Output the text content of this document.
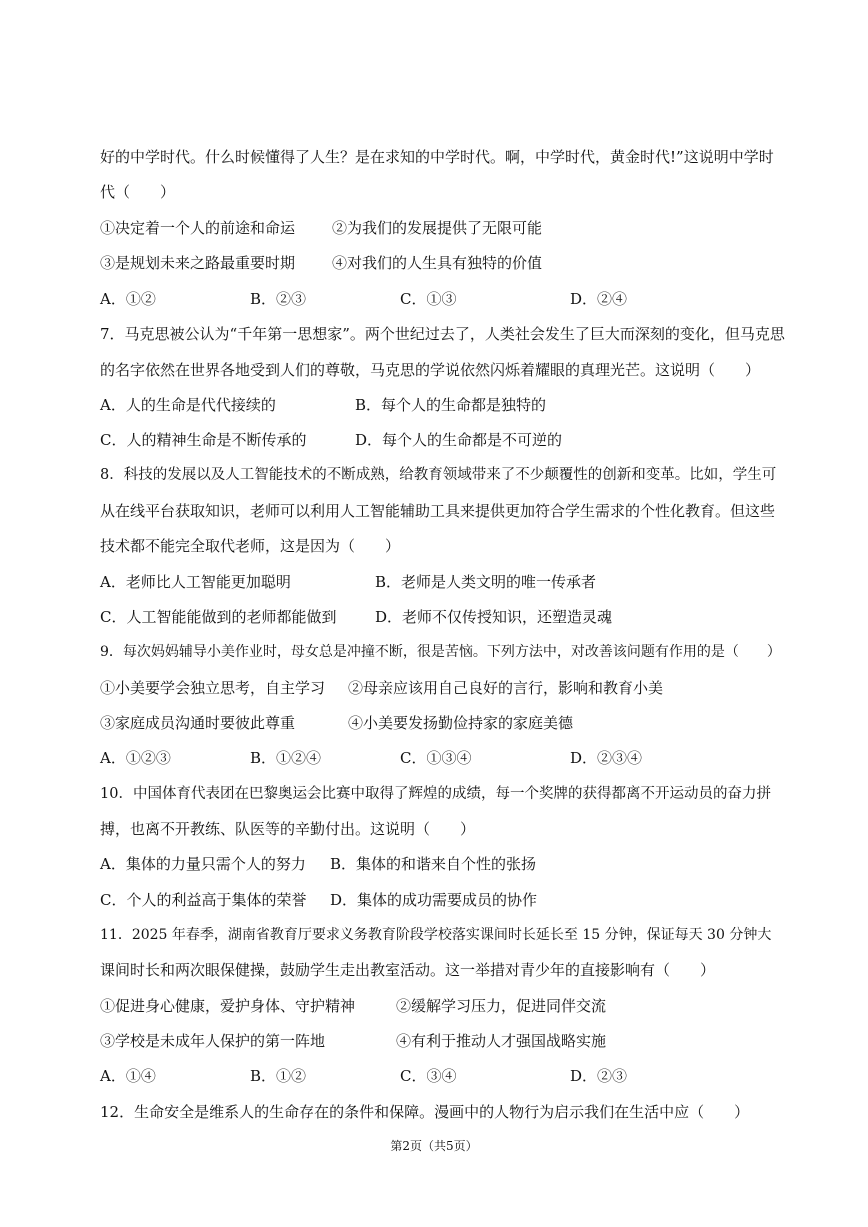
好的中学时代。什么时候懂得了人生？是在求知的中学时代。啊，中学时代，黄金时代!”这说明中学时
代（　　）
①决定着一个人的前途和命运 ②为我们的发展提供了无限可能
③是规划未来之路最重要时期 ④对我们的人生具有独特的价值
A．①②	B．②③	C．①③	D．②④
7．马克思被公认为“千年第一思想家”。两个世纪过去了，人类社会发生了巨大而深刻的变化，但马克思
的名字依然在世界各地受到人们的尊敬，马克思的学说依然闪烁着耀眼的真理光芒。这说明（　　）
A．人的生命是代代接续的	B．每个人的生命都是独特的
C．人的精神生命是不断传承的	D．每个人的生命都是不可逆的
8．科技的发展以及人工智能技术的不断成熟，给教育领域带来了不少颠覆性的创新和变革。比如，学生可
从在线平台获取知识，老师可以利用人工智能辅助工具来提供更加符合学生需求的个性化教育。但这些
技术都不能完全取代老师，这是因为（　　）
A．老师比人工智能更加聪明	B．老师是人类文明的唯一传承者
C．人工智能能做到的老师都能做到	D．老师不仅传授知识，还塑造灵魂
9．每次妈妈辅导小美作业时，母女总是冲撞不断，很是苦恼。下列方法中，对改善该问题有作用的是（　　）
①小美要学会独立思考，自主学习 ②母亲应该用自己良好的言行，影响和教育小美
③家庭成员沟通时要彼此尊重	④小美要发扬勤俭持家的家庭美德
A．①②③	B．①②④	C．①③④	D．②③④
10．中国体育代表团在巴黎奥运会比赛中取得了辉煌的成绩，每一个奖牌的获得都离不开运动员的奋力拼
搏，也离不开教练、队医等的辛勤付出。这说明（　　）
A．集体的力量只需个人的努力 B．集体的和谐来自个性的张扬
C．个人的利益高于集体的荣誉 D．集体的成功需要成员的协作
11．2025 年春季，湖南省教育厅要求义务教育阶段学校落实课间时长延长至 15 分钟，保证每天 30 分钟大
课间时长和两次眼保健操，鼓励学生走出教室活动。这一举措对青少年的直接影响有（　　）
①促进身心健康，爱护身体、守护精神	②缓解学习压力，促进同伴交流
③学校是未成年人保护的第一阵地	④有利于推动人才强国战略实施
A．①④	B．①②	C．③④	D．②③
12．生命安全是维系人的生命存在的条件和保障。漫画中的人物行为启示我们在生活中应（　　）
第2页（共5页）
